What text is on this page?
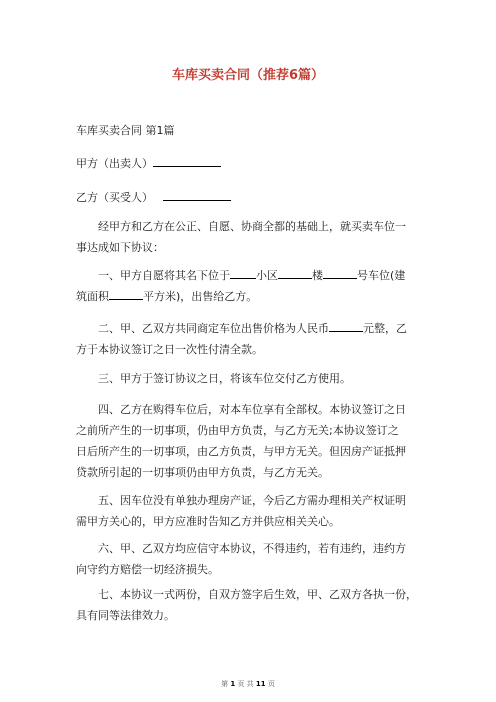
车库买卖合同（推荐6篇）
车库买卖合同 第1篇
甲方（出卖人）
乙方（买受人）

经甲方和乙方在公正、自愿、协商全都的基础上，就买卖车位一

事达成如下协议：

一、甲方自愿将其名下位于 小区	楼	号车位(建

筑面积	平方米)，出售给乙方。

二、甲、乙双方共同商定车位出售价格为人民币	元整，乙

方于本协议签订之日一次性付清全款。

三、甲方于签订协议之日，将该车位交付乙方使用。

四、乙方在购得车位后，对本车位享有全部权。本协议签订之日

之前所产生的一切事项，仍由甲方负责，与乙方无关;本协议签订之

日后所产生的一切事项，由乙方负责，与甲方无关。但因房产证抵押

贷款所引起的一切事项仍由甲方负责，与乙方无关。

五、因车位没有单独办理房产证，今后乙方需办理相关产权证明

需甲方关心的，甲方应准时告知乙方并供应相关关心。

六、甲、乙双方均应信守本协议，不得违约，若有违约，违约方

向守约方赔偿一切经济损失。

七、本协议一式两份，自双方签字后生效，甲、乙双方各执一份，

具有同等法律效力。

第 1 页 共 11 页
